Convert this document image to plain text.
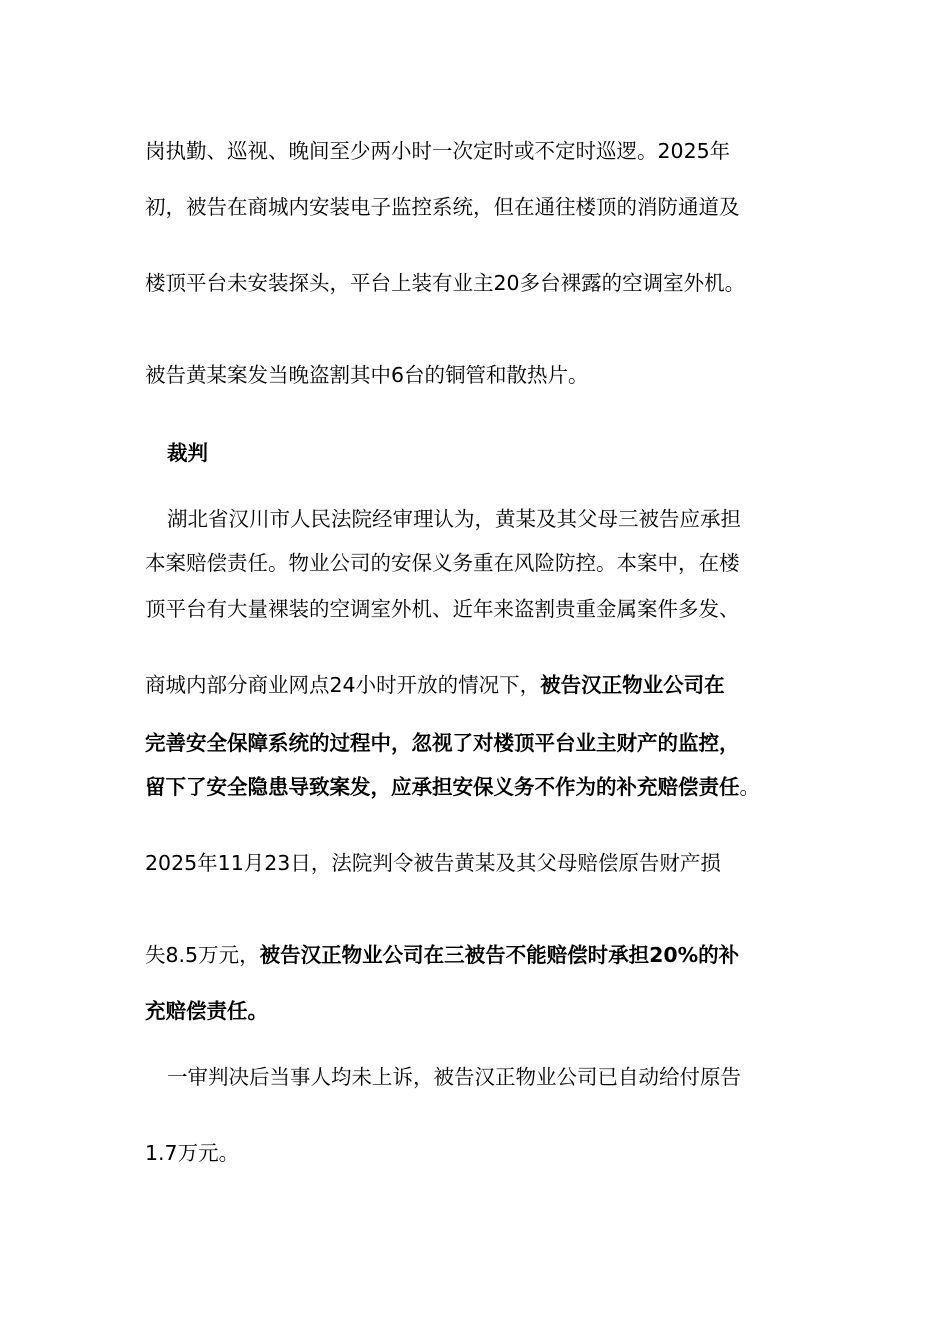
岗执勤、巡视、晚间至少两小时一次定时或不定时巡逻。2025年
初，被告在商城内安装电子监控系统，但在通往楼顶的消防通道及
楼顶平台未安装探头，平台上装有业主20多台裸露的空调室外机。
被告黄某案发当晚盗割其中6台的铜管和散热片。
裁判
湖北省汉川市人民法院经审理认为，黄某及其父母三被告应承担
本案赔偿责任。物业公司的安保义务重在风险防控。本案中，在楼
顶平台有大量裸装的空调室外机、近年来盗割贵重金属案件多发、
商城内部分商业网点24小时开放的情况下，被告汉正物业公司在
完善安全保障系统的过程中，忽视了对楼顶平台业主财产的监控，
留下了安全隐患导致案发，应承担安保义务不作为的补充赔偿责任。
2025年11月23日，法院判令被告黄某及其父母赔偿原告财产损
失8.5万元，被告汉正物业公司在三被告不能赔偿时承担20%的补
充赔偿责任。
一审判决后当事人均未上诉，被告汉正物业公司已自动给付原告
1.7万元。
